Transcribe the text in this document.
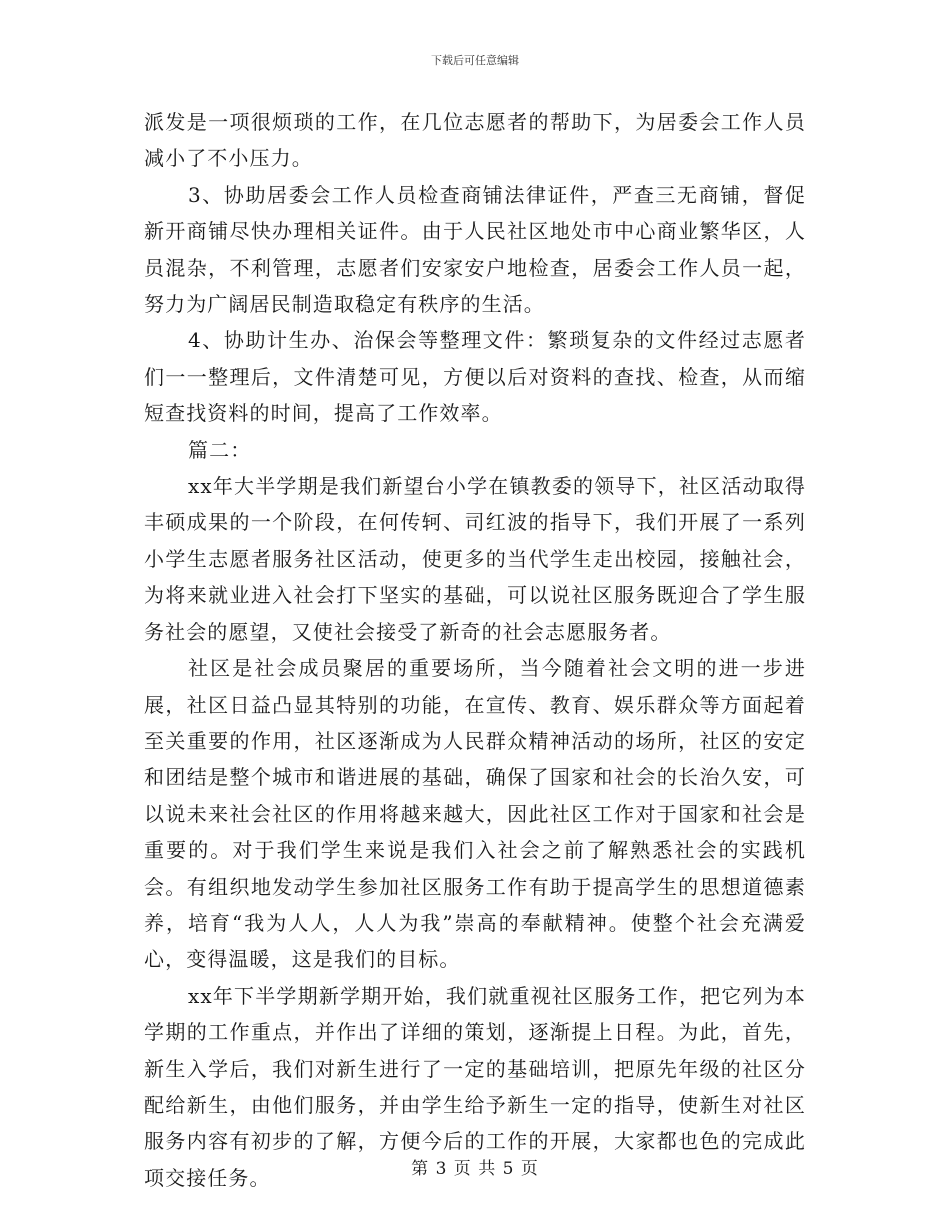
下载后可任意编辑

派发是一项很烦琐的工作，在几位志愿者的帮助下，为居委会工作人员减小了不小压力。

3、协助居委会工作人员检查商铺法律证件，严查三无商铺，督促新开商铺尽快办理相关证件。由于人民社区地处市中心商业繁华区，人员混杂，不利管理，志愿者们安家安户地检查，居委会工作人员一起，努力为广阔居民制造取稳定有秩序的生活。

4、协助计生办、治保会等整理文件：繁琐复杂的文件经过志愿者们一一整理后，文件清楚可见，方便以后对资料的查找、检查，从而缩短查找资料的时间，提高了工作效率。

篇二：

xx年大半学期是我们新望台小学在镇教委的领导下，社区活动取得丰硕成果的一个阶段，在何传轲、司红波的指导下，我们开展了一系列小学生志愿者服务社区活动，使更多的当代学生走出校园，接触社会，为将来就业进入社会打下坚实的基础，可以说社区服务既迎合了学生服务社会的愿望，又使社会接受了新奇的社会志愿服务者。

社区是社会成员聚居的重要场所，当今随着社会文明的进一步进展，社区日益凸显其特别的功能，在宣传、教育、娱乐群众等方面起着至关重要的作用，社区逐渐成为人民群众精神活动的场所，社区的安定和团结是整个城市和谐进展的基础，确保了国家和社会的长治久安，可以说未来社会社区的作用将越来越大，因此社区工作对于国家和社会是重要的。对于我们学生来说是我们入社会之前了解熟悉社会的实践机会。有组织地发动学生参加社区服务工作有助于提高学生的思想道德素养，培育“我为人人，人人为我”崇高的奉献精神。使整个社会充满爱心，变得温暖，这是我们的目标。

xx年下半学期新学期开始，我们就重视社区服务工作，把它列为本学期的工作重点，并作出了详细的策划，逐渐提上日程。为此，首先，新生入学后，我们对新生进行了一定的基础培训，把原先年级的社区分配给新生，由他们服务，并由学生给予新生一定的指导，使新生对社区服务内容有初步的了解，方便今后的工作的开展，大家都也色的完成此项交接任务。	第 3 页 共 5 页
